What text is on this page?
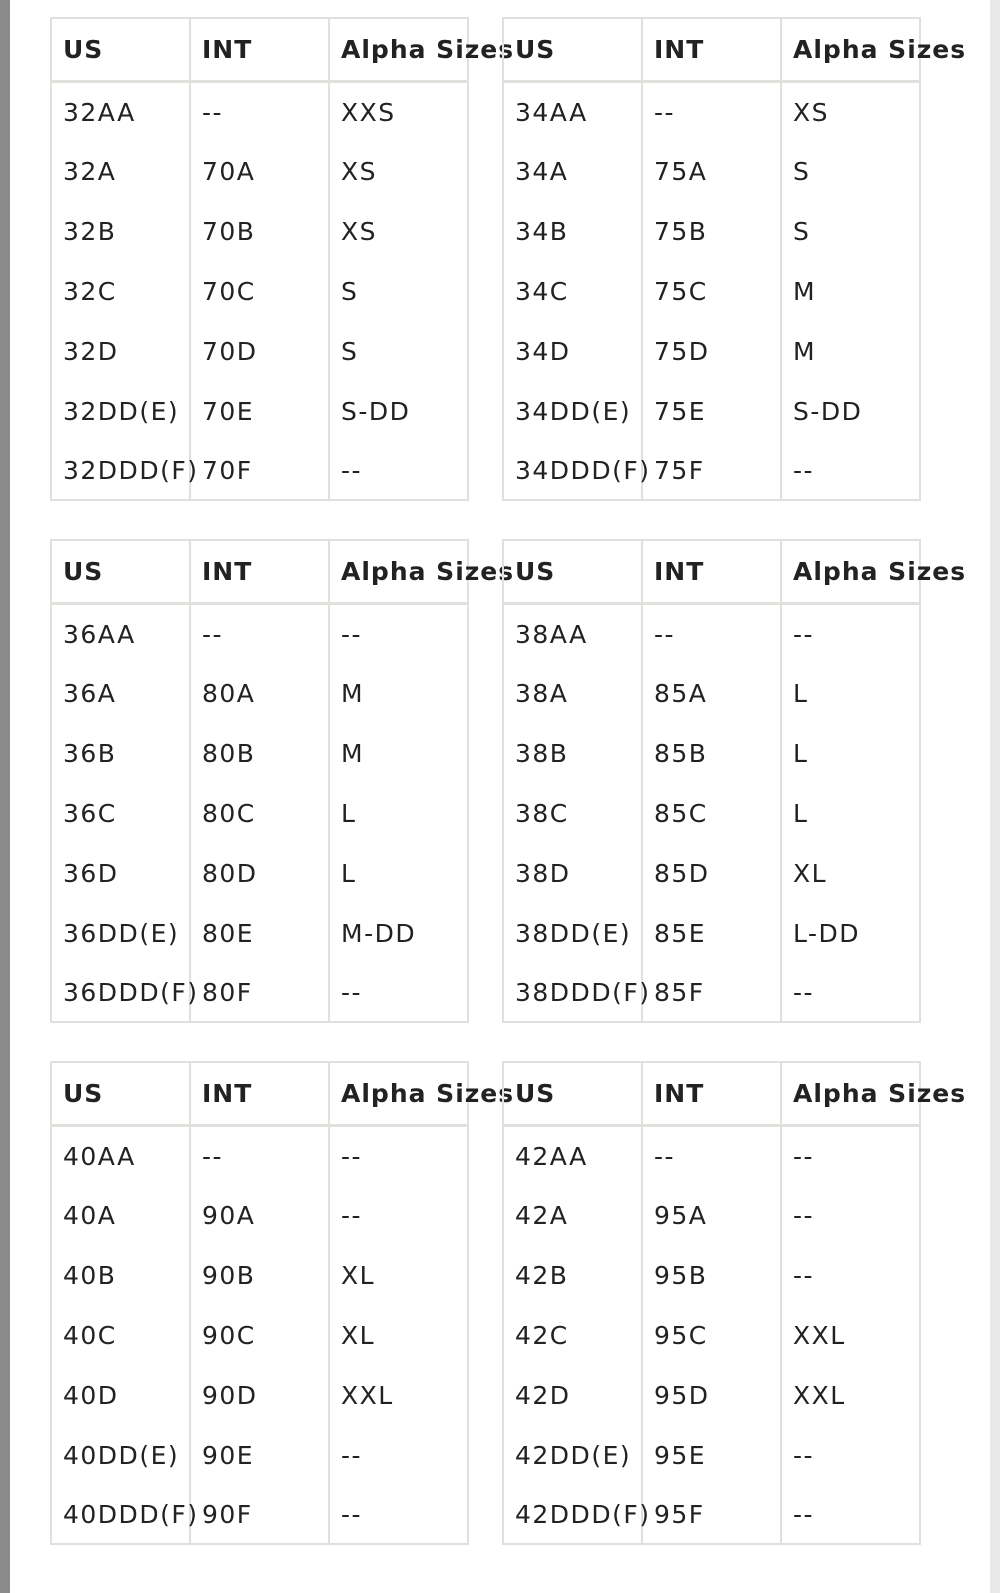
US	INT	Alpha Sizes
32AA	--	XXS
32A	70A	XS
32B	70B	XS
32C	70C	S
32D	70D	S
32DD(E)	70E	S-DD
32DDD(F)	70F	--
US	INT	Alpha Sizes
34AA	--	XS
34A	75A	S
34B	75B	S
34C	75C	M
34D	75D	M
34DD(E)	75E	S-DD
34DDD(F)	75F	--
US	INT	Alpha Sizes
36AA	--	--
36A	80A	M
36B	80B	M
36C	80C	L
36D	80D	L
36DD(E)	80E	M-DD
36DDD(F)	80F	--
US	INT	Alpha Sizes
38AA	--	--
38A	85A	L
38B	85B	L
38C	85C	L
38D	85D	XL
38DD(E)	85E	L-DD
38DDD(F)	85F	--
US	INT	Alpha Sizes
40AA	--	--
40A	90A	--
40B	90B	XL
40C	90C	XL
40D	90D	XXL
40DD(E)	90E	--
40DDD(F)	90F	--
US	INT	Alpha Sizes
42AA	--	--
42A	95A	--
42B	95B	--
42C	95C	XXL
42D	95D	XXL
42DD(E)	95E	--
42DDD(F)	95F	--
